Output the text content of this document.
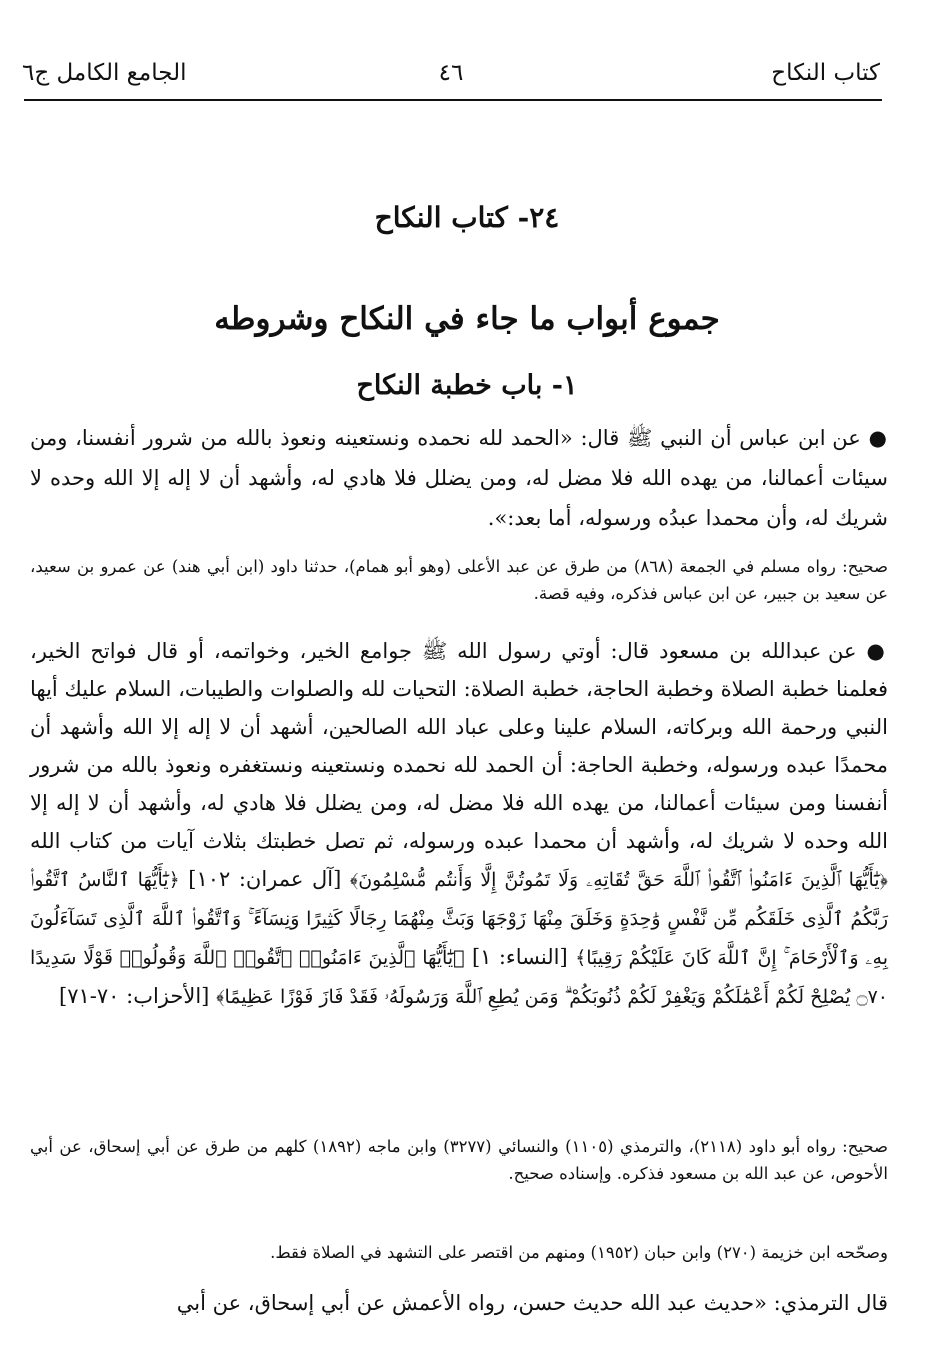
كتاب النكاح
٤٦
الجامع الكامل ج٦
٢٤- كتاب النكاح
جموع أبواب ما جاء في النكاح وشروطه
١- باب خطبة النكاح

● عن ابن عباس أن النبي ﷺ قال: «الحمد لله نحمده ونستعينه ونعوذ بالله من شرور أنفسنا، ومن سيئات أعمالنا، من يهده الله فلا مضل له، ومن يضلل فلا هادي له، وأشهد أن لا إله إلا الله وحده لا شريك له، وأن محمدا عبدُه ورسوله، أما بعد:».

صحيح: رواه مسلم في الجمعة (٨٦٨) من طرق عن عبد الأعلى (وهو أبو همام)، حدثنا داود (ابن أبي هند) عن عمرو بن سعيد، عن سعيد بن جبير، عن ابن عباس فذكره، وفيه قصة.

● عن عبدالله بن مسعود قال: أوتي رسول الله ﷺ جوامع الخير، وخواتمه، أو قال فواتح الخير، فعلمنا خطبة الصلاة وخطبة الحاجة، خطبة الصلاة: التحيات لله والصلوات والطيبات، السلام عليك أيها النبي ورحمة الله وبركاته، السلام علينا وعلى عباد الله الصالحين، أشهد أن لا إله إلا الله وأشهد أن محمدًا عبده ورسوله، وخطبة الحاجة: أن الحمد لله نحمده ونستعينه ونستغفره ونعوذ بالله من شرور أنفسنا ومن سيئات أعمالنا، من يهده الله فلا مضل له، ومن يضلل فلا هادي له، وأشهد أن لا إله إلا الله وحده لا شريك له، وأشهد أن محمدا عبده ورسوله، ثم تصل خطبتك بثلاث آيات من كتاب الله ﴿يَٰٓأَيُّهَا ٱلَّذِينَ ءَامَنُوا۟ ٱتَّقُوا۟ ٱللَّهَ حَقَّ تُقَاتِهِۦ وَلَا تَمُوتُنَّ إِلَّا وَأَنتُم مُّسْلِمُونَ﴾ [آل عمران: ١٠٢] ﴿يَٰٓأَيُّهَا ٱلنَّاسُ ٱتَّقُوا۟ رَبَّكُمُ ٱلَّذِى خَلَقَكُم مِّن نَّفْسٍ وَٰحِدَةٍ وَخَلَقَ مِنْهَا زَوْجَهَا وَبَثَّ مِنْهُمَا رِجَالًا كَثِيرًا وَنِسَآءً ۚ وَٱتَّقُوا۟ ٱللَّهَ ٱلَّذِى تَسَآءَلُونَ بِهِۦ وَٱلْأَرْحَامَ ۚ إِنَّ ٱللَّهَ كَانَ عَلَيْكُمْ رَقِيبًا﴾ [النساء: ١] ﴿يَٰٓأَيُّهَا ٱلَّذِينَ ءَامَنُوا۟ ٱتَّقُوا۟ ٱللَّهَ وَقُولُوا۟ قَوْلًا سَدِيدًا ۝٧٠ يُصْلِحْ لَكُمْ أَعْمَٰلَكُمْ وَيَغْفِرْ لَكُمْ ذُنُوبَكُمْ ۗ وَمَن يُطِعِ ٱللَّهَ وَرَسُولَهُۥ فَقَدْ فَازَ فَوْزًا عَظِيمًا﴾ [الأحزاب: ٧٠-٧١]

صحيح: رواه أبو داود (٢١١٨)، والترمذي (١١٠٥) والنسائي (٣٢٧٧) وابن ماجه (١٨٩٢) كلهم من طرق عن أبي إسحاق، عن أبي الأحوص، عن عبد الله بن مسعود فذكره. وإسناده صحيح.

وصحّحه ابن خزيمة (٢٧٠) وابن حبان (١٩٥٢) ومنهم من اقتصر على التشهد في الصلاة فقط.

قال الترمذي: «حديث عبد الله حديث حسن، رواه الأعمش عن أبي إسحاق، عن أبي
